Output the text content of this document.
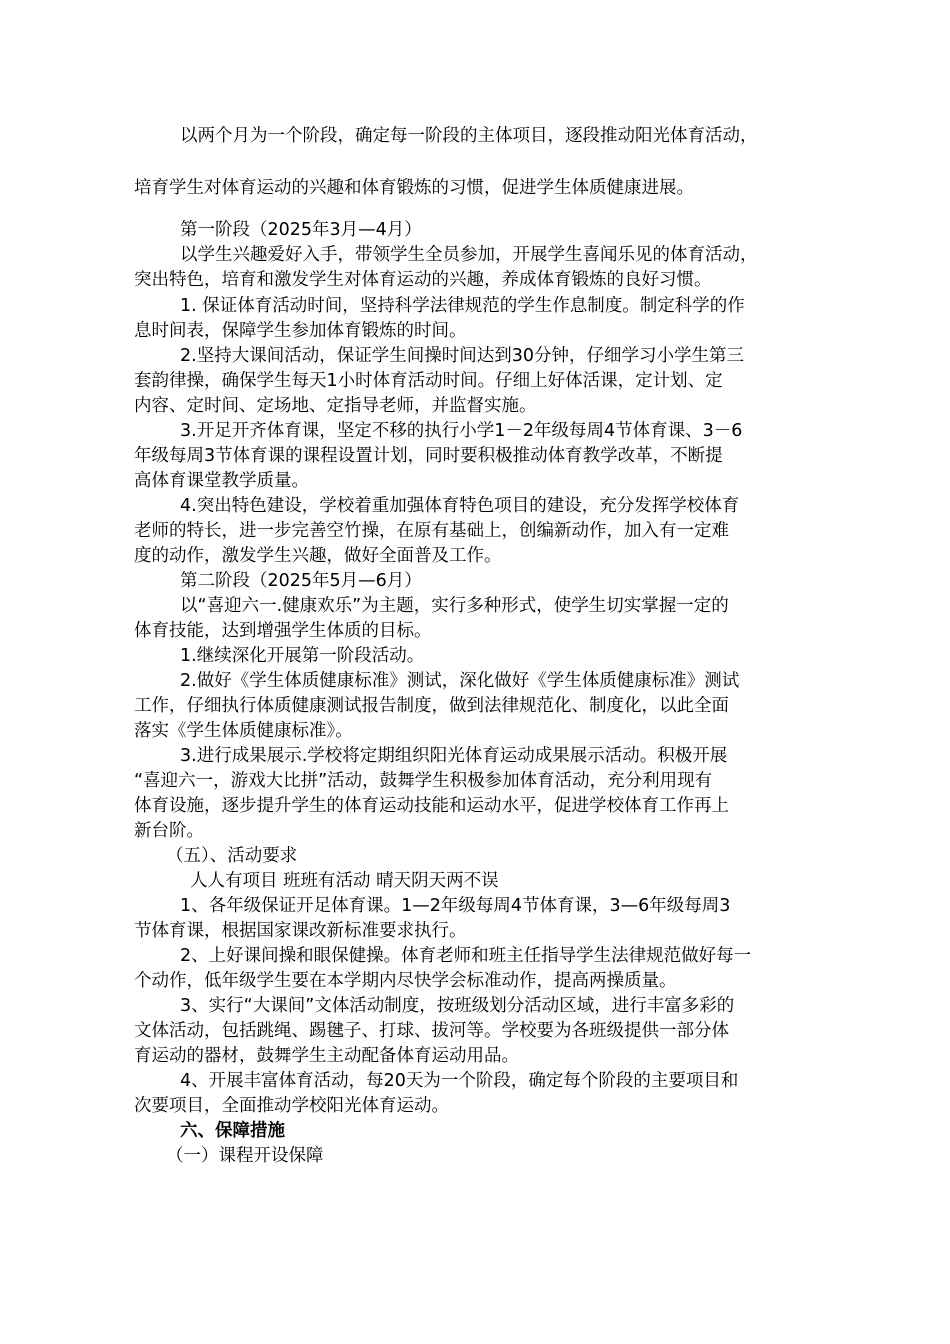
以两个月为一个阶段，确定每一阶段的主体项目，逐段推动阳光体育活动，
培育学生对体育运动的兴趣和体育锻炼的习惯，促进学生体质健康进展。
第一阶段（2025年3月—4月）
以学生兴趣爱好入手，带领学生全员参加，开展学生喜闻乐见的体育活动，
突出特色，培育和激发学生对体育运动的兴趣，养成体育锻炼的良好习惯。
1. 保证体育活动时间，坚持科学法律规范的学生作息制度。制定科学的作
息时间表，保障学生参加体育锻炼的时间。
2.坚持大课间活动，保证学生间操时间达到30分钟，仔细学习小学生第三
套韵律操，确保学生每天1小时体育活动时间。仔细上好体活课，定计划、定
内容、定时间、定场地、定指导老师，并监督实施。
3.开足开齐体育课，坚定不移的执行小学1－2年级每周4节体育课、3－6
年级每周3节体育课的课程设置计划，同时要积极推动体育教学改革，不断提
高体育课堂教学质量。
4.突出特色建设，学校着重加强体育特色项目的建设，充分发挥学校体育
老师的特长，进一步完善空竹操，在原有基础上，创编新动作，加入有一定难
度的动作，激发学生兴趣，做好全面普及工作。
第二阶段（2025年5月—6月）
以“喜迎六一.健康欢乐”为主题，实行多种形式，使学生切实掌握一定的
体育技能，达到增强学生体质的目标。
1.继续深化开展第一阶段活动。
2.做好《学生体质健康标准》测试，深化做好《学生体质健康标准》测试
工作，仔细执行体质健康测试报告制度，做到法律规范化、制度化，以此全面
落实《学生体质健康标准》。
3.进行成果展示.学校将定期组织阳光体育运动成果展示活动。积极开展
“喜迎六一，游戏大比拼”活动，鼓舞学生积极参加体育活动，充分利用现有
体育设施，逐步提升学生的体育运动技能和运动水平，促进学校体育工作再上
新台阶。
（五）、活动要求
人人有项目 班班有活动 晴天阴天两不误
1、各年级保证开足体育课。1—2年级每周4节体育课，3—6年级每周3
节体育课，根据国家课改新标准要求执行。
2、上好课间操和眼保健操。体育老师和班主任指导学生法律规范做好每一
个动作，低年级学生要在本学期内尽快学会标准动作，提高两操质量。
3、实行“大课间”文体活动制度，按班级划分活动区域，进行丰富多彩的
文体活动，包括跳绳、踢毽子、打球、拔河等。学校要为各班级提供一部分体
育运动的器材，鼓舞学生主动配备体育运动用品。
4、开展丰富体育活动，每20天为一个阶段，确定每个阶段的主要项目和
次要项目，全面推动学校阳光体育运动。
六、保障措施
（一）课程开设保障
